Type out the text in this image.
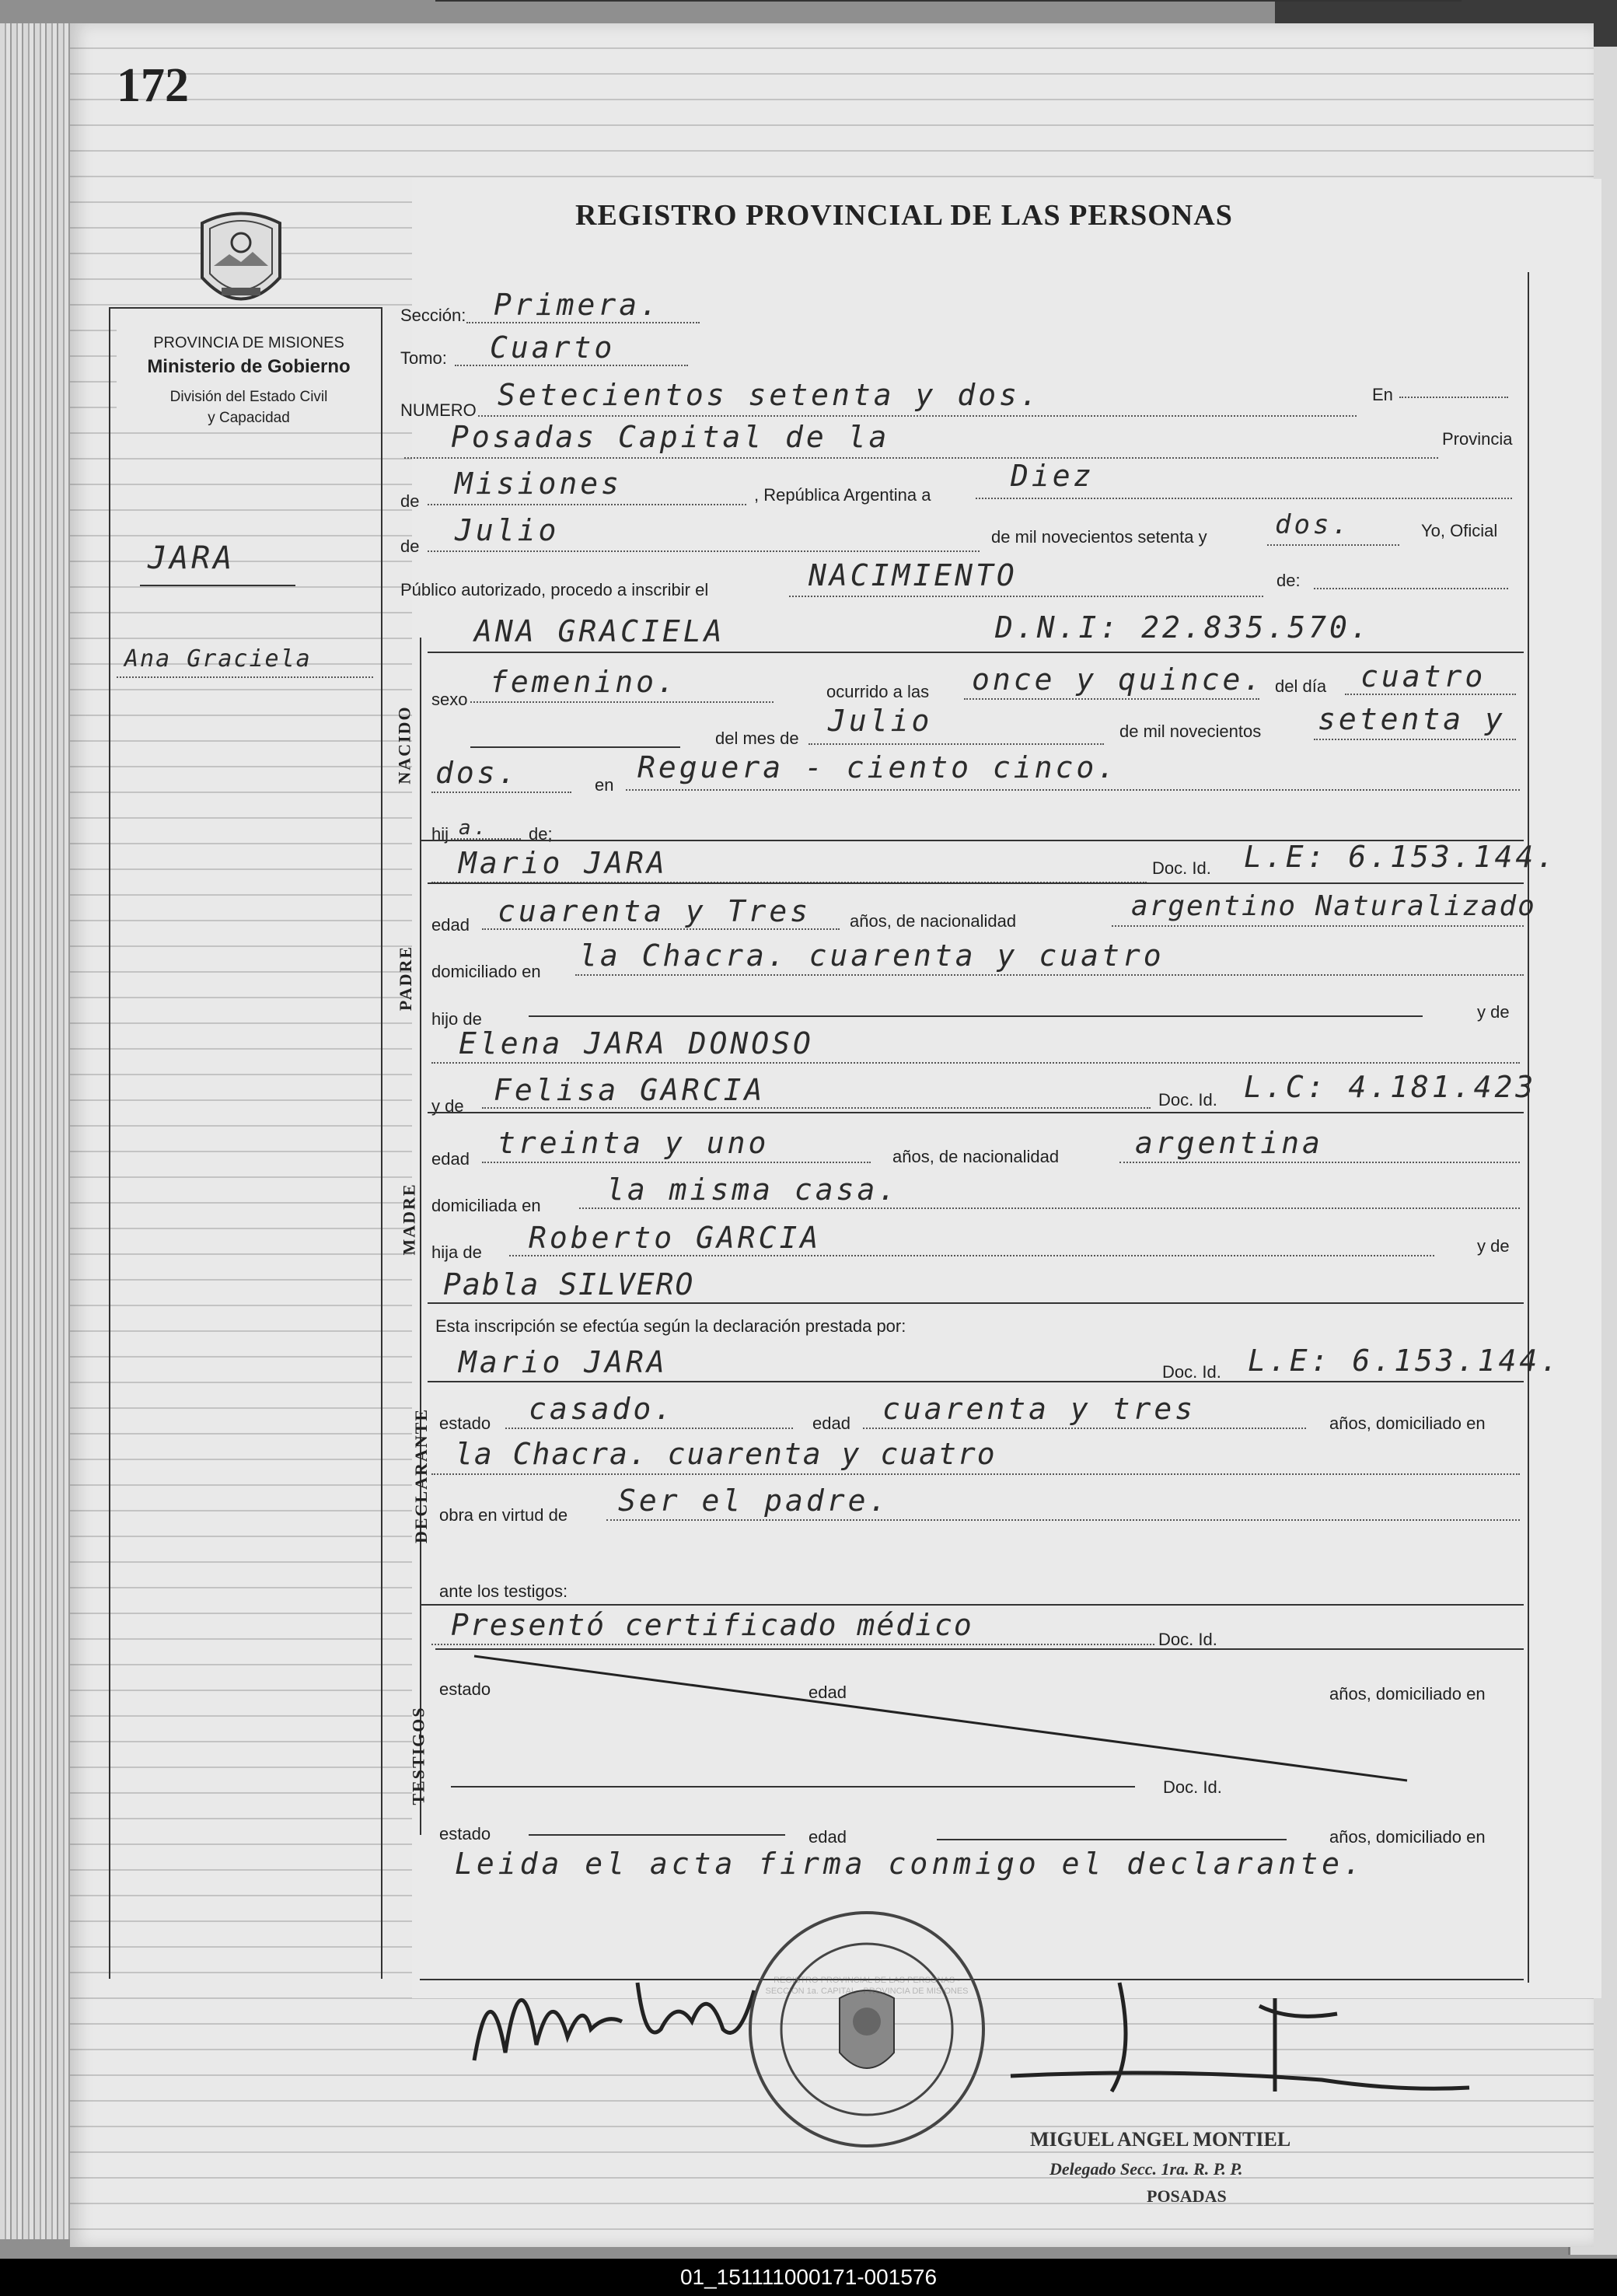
172
REGISTRO PROVINCIAL DE LAS PERSONAS
PROVINCIA DE MISIONES
Ministerio de Gobierno
División del Estado Civil
y Capacidad
JARA
Ana Graciela
Sección: Primera.
Tomo: Cuarto
NUMERO Setecientos setenta y dos.	En
Posadas Capital de la	Provincia
de
Misiones	, República Argentina a
Diez
de Julio	de mil novecientos setenta y	dos.	Yo, Oficial
Público autorizado, procedo a inscribir el	NACIMIENTO	de:
NACIDO
ANA GRACIELA	D.N.I: 22.835.570.
sexo
femenino.	ocurrido a las once y quince. del día cuatro
del mes de
Julio	de mil novecientos setenta y
dos.	en
Reguera - ciento cinco.
hij a. de;
PADRE
Mario JARA	Doc. Id. L.E: 6.153.144.
edad cuarenta y Tres años, de nacionalidad	argentino Naturalizado
domiciliado en la Chacra. cuarenta y cuatro
hijo de	y de
Elena JARA DONOSO
y de Felisa GARCIA	Doc. Id. L.C: 4.181.423
MADRE
edad treinta y uno	años, de nacionalidad	argentina
domiciliada en la misma casa.
hija de Roberto GARCIA	y de
Pabla SILVERO
Esta inscripción se efectúa según la declaración prestada por:
DECLARANTE
Mario JARA	Doc. Id. L.E: 6.153.144.
estado casado.	edad cuarenta y tres	años, domiciliado en
la Chacra. cuarenta y cuatro
obra en virtud de Ser el padre.
ante los testigos:
TESTIGOS
Presentó certificado médico	Doc. Id.
estado	edad	años, domiciliado en
Doc. Id.
estado	edad	años, domiciliado en
Leida el acta firma conmigo el declarante.
REGISTRO PROVINCIAL DE LAS PERSONAS - SECCION 1a. CAPITAL - PROVINCIA DE MISIONES
MIGUEL ANGEL MONTIEL
Delegado Secc. 1ra. R. P. P.
POSADAS
01_151111000171-001576
